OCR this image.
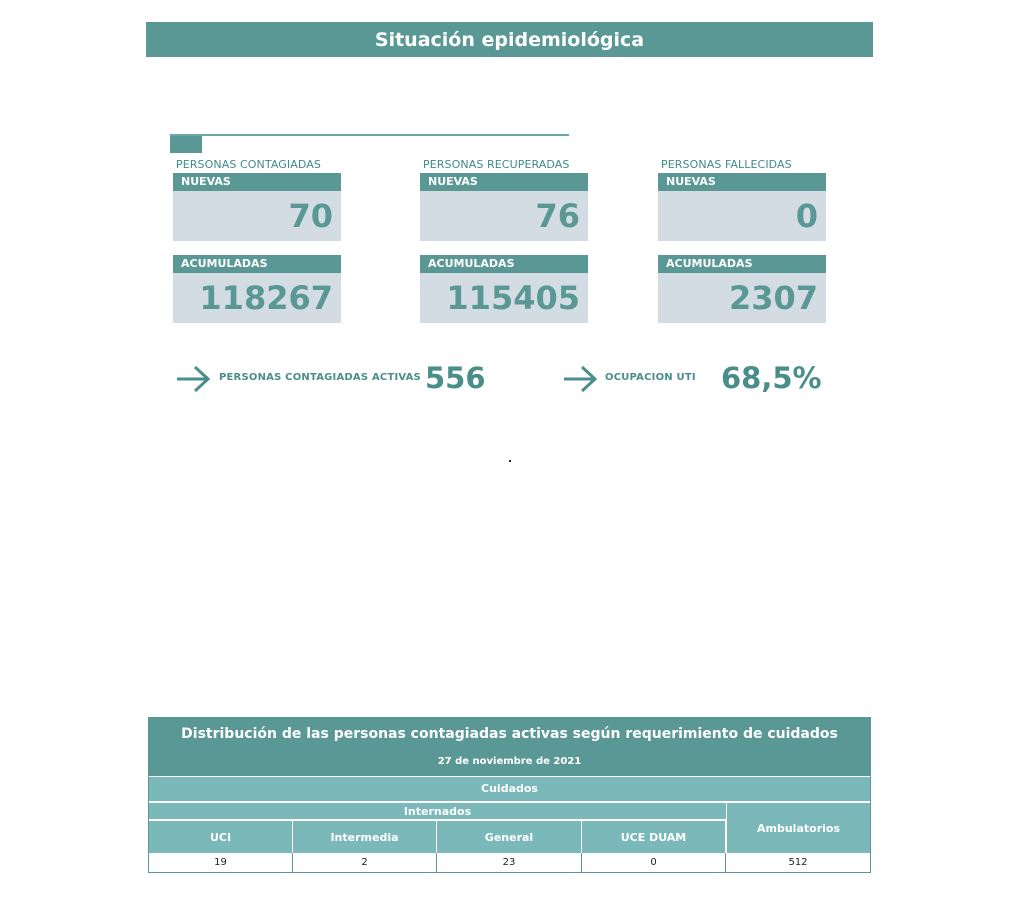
Situación epidemiológica
PERSONAS CONTAGIADAS
NUEVAS
70
ACUMULADAS
118267
PERSONAS RECUPERADAS
NUEVAS
76
ACUMULADAS
115405
PERSONAS FALLECIDAS
NUEVAS
0
ACUMULADAS
2307
PERSONAS CONTAGIADAS ACTIVAS 556	OCUPACION UTI 68,5%
Distribución de las personas contagiadas activas según requerimiento de cuidados
27 de noviembre de 2021
Cuidados
Internados
UCI	Intermedia	General	UCE DUAM
Ambulatorios
19	2	23	0	512
